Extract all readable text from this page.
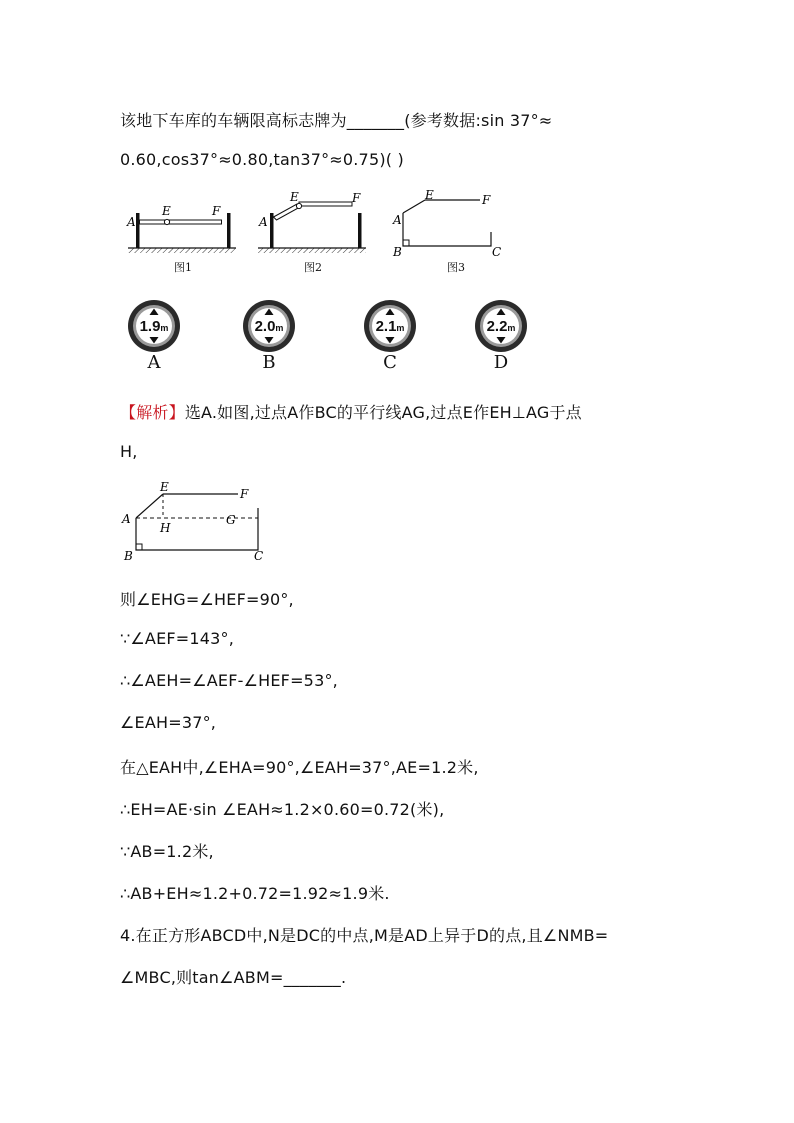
该地下车库的车辆限高标志牌为_______(参考数据:sin 37°≈
0.60,cos37°≈0.80,tan37°≈0.75)( )
A
E	F
图1
A
E	F
图2
A
B	C
E	F
图3
1.9m
A
2.0m
B
2.1m
C
2.2m
D
【解析】选A.如图,过点A作BC的平行线AG,过点E作EH⊥AG于点
H,
A
B	C
E	F
G
H
则∠EHG=∠HEF=90°,
∵∠AEF=143°,
∴∠AEH=∠AEF-∠HEF=53°,
∠EAH=37°,
在△EAH中,∠EHA=90°,∠EAH=37°,AE=1.2米,
∴EH=AE·sin ∠EAH≈1.2×0.60=0.72(米),
∵AB=1.2米,
∴AB+EH≈1.2+0.72=1.92≈1.9米.
4.在正方形ABCD中,N是DC的中点,M是AD上异于D的点,且∠NMB=
∠MBC,则tan∠ABM=_______.
